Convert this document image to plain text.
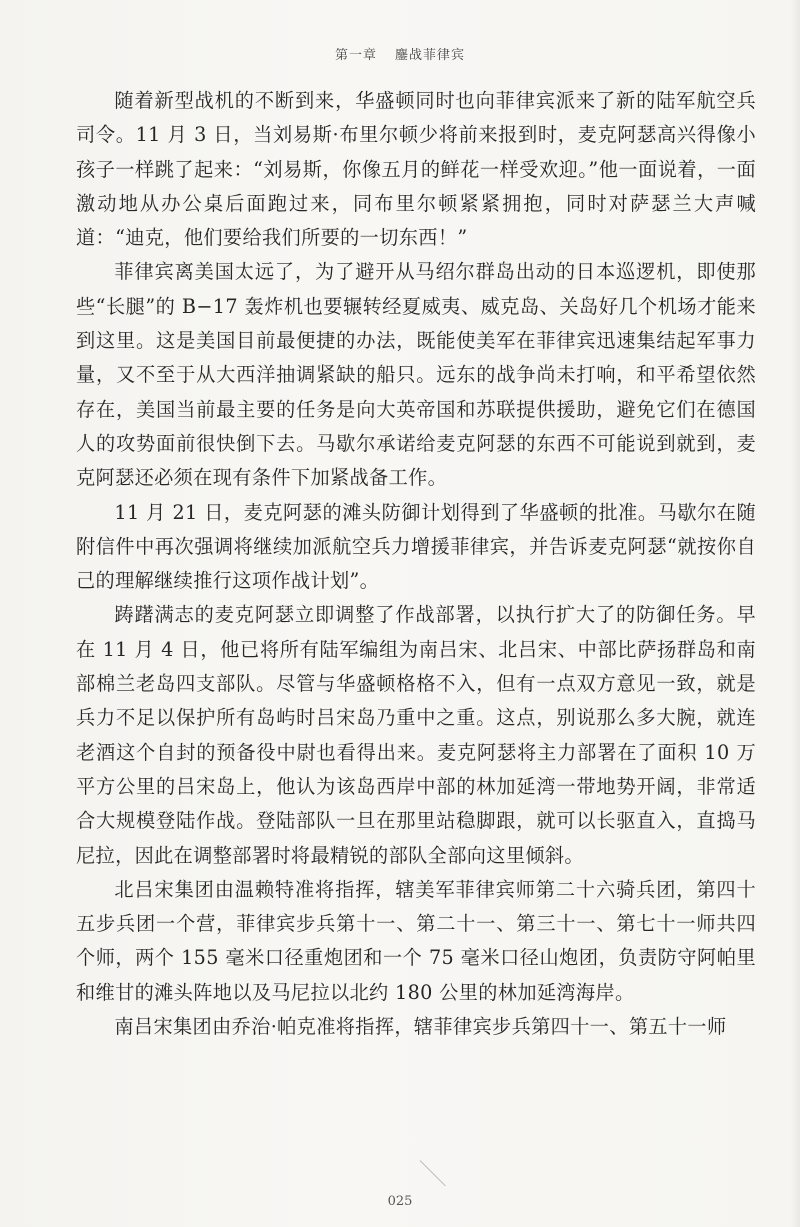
第一章 鏖战菲律宾

随着新型战机的不断到来，华盛顿同时也向菲律宾派来了新的陆军航空兵司令。11 月 3 日，当刘易斯·布里尔顿少将前来报到时，麦克阿瑟高兴得像小孩子一样跳了起来：“刘易斯，你像五月的鲜花一样受欢迎。”他一面说着，一面激动地从办公桌后面跑过来，同布里尔顿紧紧拥抱，同时对萨瑟兰大声喊道：“迪克，他们要给我们所要的一切东西！”

菲律宾离美国太远了，为了避开从马绍尔群岛出动的日本巡逻机，即使那些“长腿”的 B−17 轰炸机也要辗转经夏威夷、威克岛、关岛好几个机场才能来到这里。这是美国目前最便捷的办法，既能使美军在菲律宾迅速集结起军事力量，又不至于从大西洋抽调紧缺的船只。远东的战争尚未打响，和平希望依然存在，美国当前最主要的任务是向大英帝国和苏联提供援助，避免它们在德国人的攻势面前很快倒下去。马歇尔承诺给麦克阿瑟的东西不可能说到就到，麦克阿瑟还必须在现有条件下加紧战备工作。

11 月 21 日，麦克阿瑟的滩头防御计划得到了华盛顿的批准。马歇尔在随附信件中再次强调将继续加派航空兵力增援菲律宾，并告诉麦克阿瑟“就按你自己的理解继续推行这项作战计划”。

踌躇满志的麦克阿瑟立即调整了作战部署，以执行扩大了的防御任务。早在 11 月 4 日，他已将所有陆军编组为南吕宋、北吕宋、中部比萨扬群岛和南部棉兰老岛四支部队。尽管与华盛顿格格不入，但有一点双方意见一致，就是兵力不足以保护所有岛屿时吕宋岛乃重中之重。这点，别说那么多大腕，就连老酒这个自封的预备役中尉也看得出来。麦克阿瑟将主力部署在了面积 10 万平方公里的吕宋岛上，他认为该岛西岸中部的林加延湾一带地势开阔，非常适合大规模登陆作战。登陆部队一旦在那里站稳脚跟，就可以长驱直入，直捣马尼拉，因此在调整部署时将最精锐的部队全部向这里倾斜。

北吕宋集团由温赖特准将指挥，辖美军菲律宾师第二十六骑兵团，第四十五步兵团一个营，菲律宾步兵第十一、第二十一、第三十一、第七十一师共四个师，两个 155 毫米口径重炮团和一个 75 毫米口径山炮团，负责防守阿帕里和维甘的滩头阵地以及马尼拉以北约 180 公里的林加延湾海岸。

南吕宋集团由乔治·帕克准将指挥，辖菲律宾步兵第四十一、第五十一师

025
